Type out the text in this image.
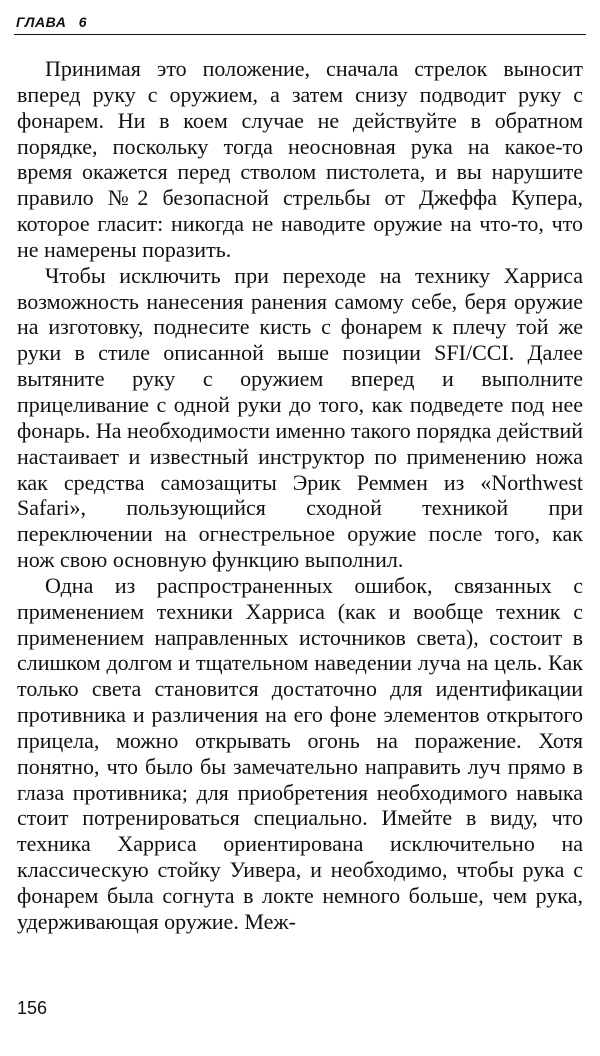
ГЛАВА 6

Принимая это положение, сначала стрелок выносит вперед руку с оружием, а затем снизу подводит руку с фонарем. Ни в коем случае не действуйте в обратном порядке, поскольку тогда неосновная рука на какое-то время окажется перед стволом пистолета, и вы нарушите правило №2 безопасной стрельбы от Джеффа Купера, которое гласит: никогда не наводите оружие на что-то, что не намерены поразить.

Чтобы исключить при переходе на технику Харриса возможность нанесения ранения самому себе, беря оружие на изготовку, поднесите кисть с фонарем к плечу той же руки в стиле описанной выше позиции SFI/CCI. Далее вытяните руку с оружием вперед и выполните прицеливание с одной руки до того, как подведете под нее фонарь. На необходимости именно такого порядка действий настаивает и известный инструктор по применению ножа как средства самозащиты Эрик Реммен из «Northwest Safari», пользующийся сходной техникой при переключении на огнестрельное оружие после того, как нож свою основную функцию выполнил.

Одна из распространенных ошибок, связанных с применением техники Харриса (как и вообще техник с применением направленных источников света), состоит в слишком долгом и тщательном наведении луча на цель. Как только света становится достаточно для идентификации противника и различения на его фоне элементов открытого прицела, можно открывать огонь на поражение. Хотя понятно, что было бы замечательно направить луч прямо в глаза противника; для приобретения необходимого навыка стоит потренироваться специально. Имейте в виду, что техника Харриса ориентирована исключительно на классическую стойку Уивера, и необходимо, чтобы рука с фонарем была согнута в локте немного больше, чем рука, удерживающая оружие. Меж-

156
